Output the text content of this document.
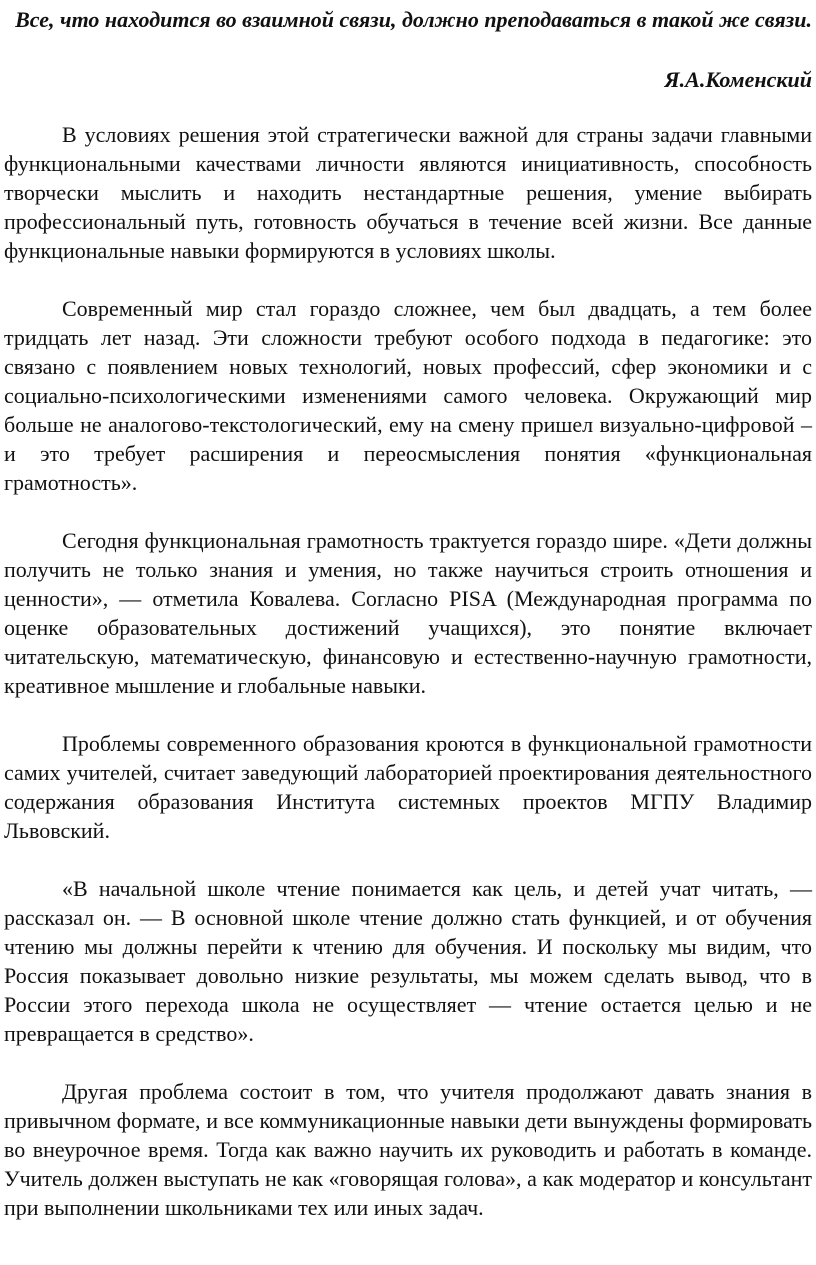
Все, что находится во взаимной связи, должно преподаваться в такой же связи.

Я.А.Коменский

В условиях решения этой стратегически важной для страны задачи главными функциональными качествами личности являются инициативность, способность творчески мыслить и находить нестандартные решения, умение выбирать профессиональный путь, готовность обучаться в течение всей жизни. Все данные функциональные навыки формируются в условиях школы.

Современный мир стал гораздо сложнее, чем был двадцать, а тем более тридцать лет назад. Эти сложности требуют особого подхода в педагогике: это связано с появлением новых технологий, новых профессий, сфер экономики и с социально-психологическими изменениями самого человека. Окружающий мир больше не аналогово-текстологический, ему на смену пришел визуально-цифровой – и это требует расширения и переосмысления понятия «функциональная грамотность».

Сегодня функциональная грамотность трактуется гораздо шире. «Дети должны получить не только знания и умения, но также научиться строить отношения и ценности», — отметила Ковалева. Согласно PISA (Международная программа по оценке образовательных достижений учащихся), это понятие включает читательскую, математическую, финансовую и естественно-научную грамотности, креативное мышление и глобальные навыки.

Проблемы современного образования кроются в функциональной грамотности самих учителей, считает заведующий лабораторией проектирования деятельностного содержания образования Института системных проектов МГПУ Владимир Львовский.

«В начальной школе чтение понимается как цель, и детей учат читать, — рассказал он. — В основной школе чтение должно стать функцией, и от обучения чтению мы должны перейти к чтению для обучения. И поскольку мы видим, что Россия показывает довольно низкие результаты, мы можем сделать вывод, что в России этого перехода школа не осуществляет — чтение остается целью и не превращается в средство».

Другая проблема состоит в том, что учителя продолжают давать знания в привычном формате, и все коммуникационные навыки дети вынуждены формировать во внеурочное время. Тогда как важно научить их руководить и работать в команде. Учитель должен выступать не как «говорящая голова», а как модератор и консультант при выполнении школьниками тех или иных задач.
